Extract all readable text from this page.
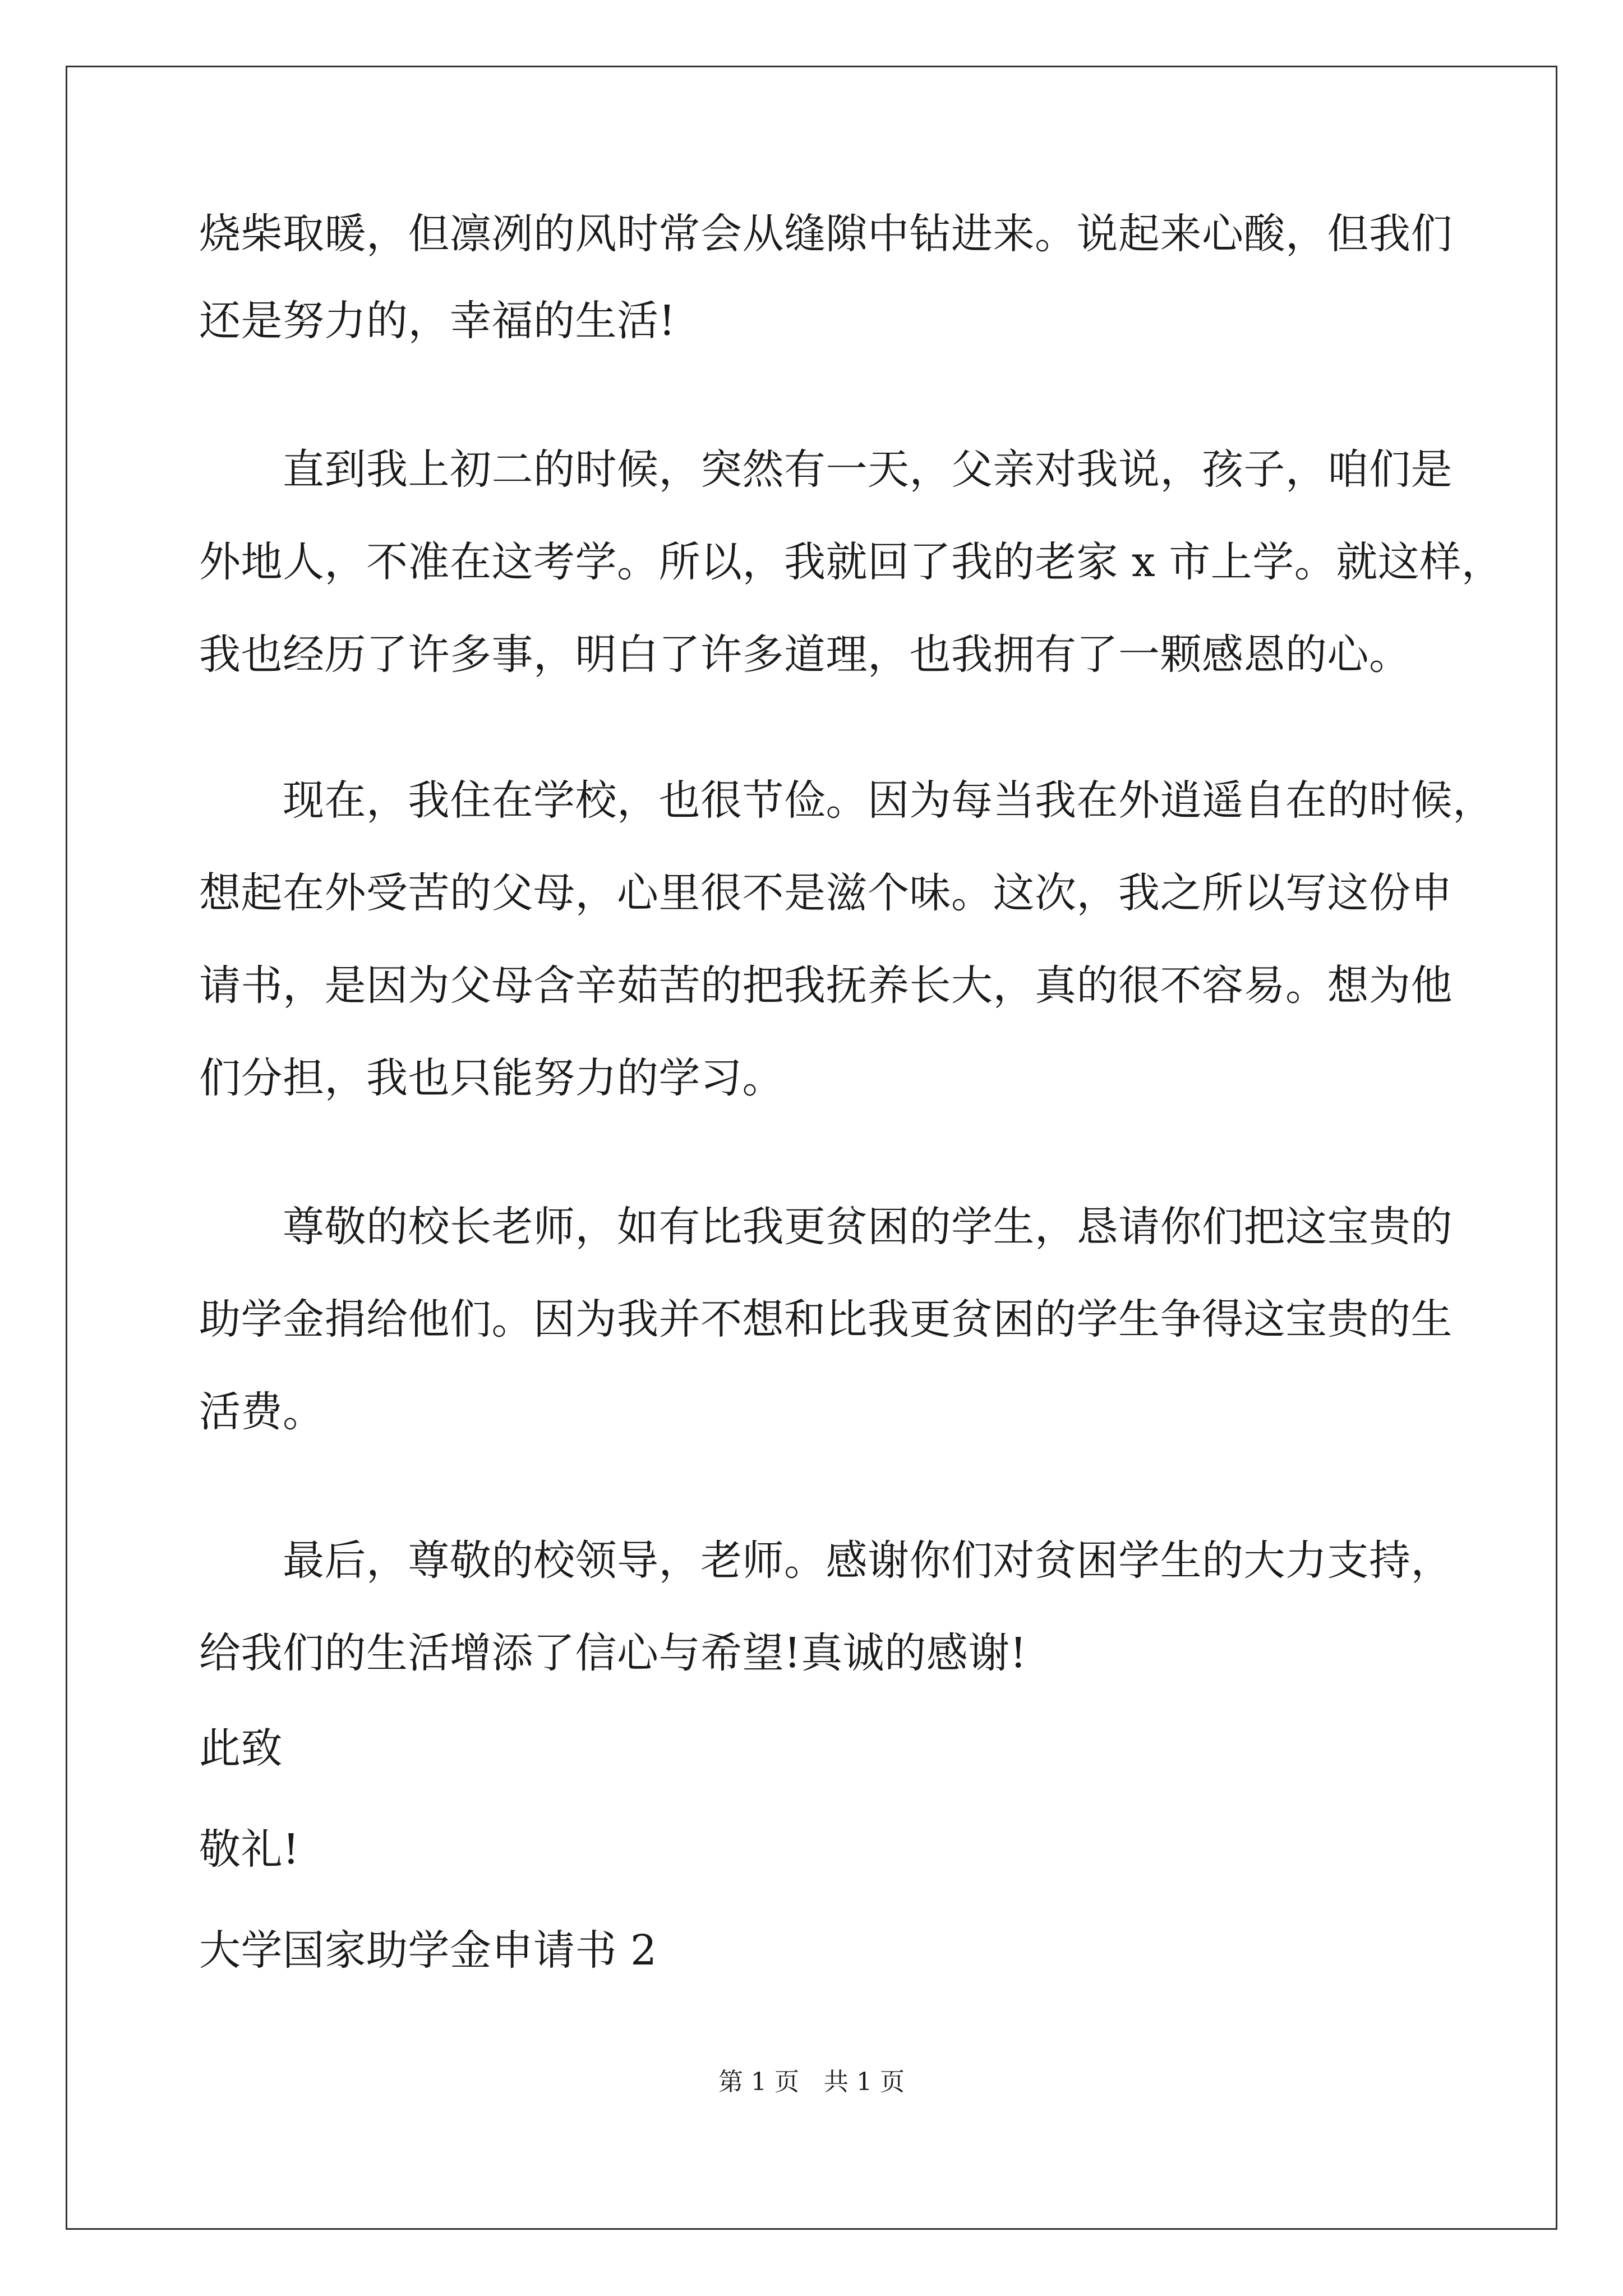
烧柴取暖，但凛冽的风时常会从缝隙中钻进来。说起来心酸，但我们
还是努力的，幸福的生活!
　　直到我上初二的时候，突然有一天，父亲对我说，孩子，咱们是
外地人，不准在这考学。所以，我就回了我的老家 x 市上学。就这样，
我也经历了许多事，明白了许多道理，也我拥有了一颗感恩的心。
　　现在，我住在学校，也很节俭。因为每当我在外逍遥自在的时候，
想起在外受苦的父母，心里很不是滋个味。这次，我之所以写这份申
请书，是因为父母含辛茹苦的把我抚养长大，真的很不容易。想为他
们分担，我也只能努力的学习。
　　尊敬的校长老师，如有比我更贫困的学生，恳请你们把这宝贵的
助学金捐给他们。因为我并不想和比我更贫困的学生争得这宝贵的生
活费。
　　最后，尊敬的校领导，老师。感谢你们对贫困学生的大力支持，
给我们的生活增添了信心与希望!真诚的感谢!
此致
敬礼!
大学国家助学金申请书 2
第 1 页　共 1 页
